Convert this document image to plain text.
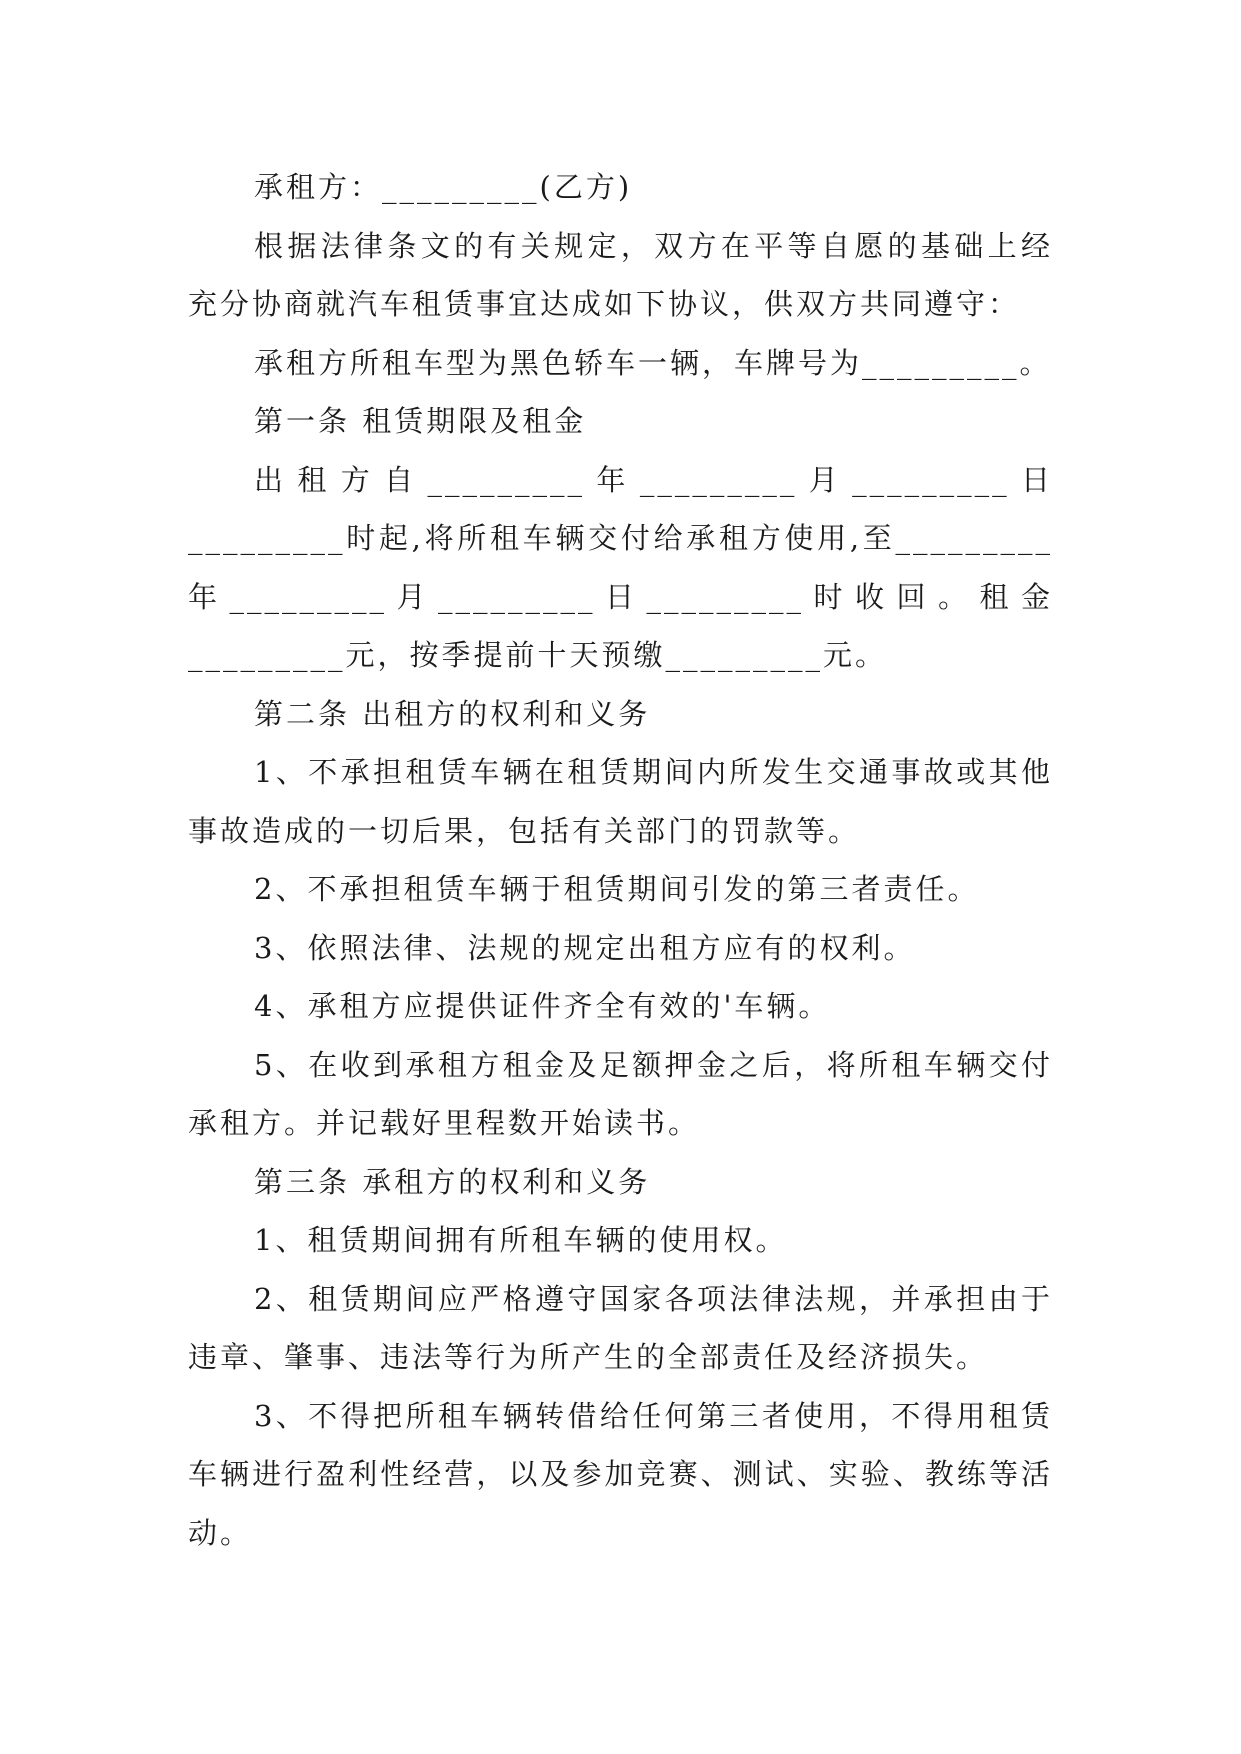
承租方：_________(乙方)

根据法律条文的有关规定，双方在平等自愿的基础上经充分协商就汽车租赁事宜达成如下协议，供双方共同遵守：

承租方所租车型为黑色轿车一辆，车牌号为_________。

第一条 租赁期限及租金

出租方自_________年_________月_________日_________时起,将所租车辆交付给承租方使用,至_________年_________月_________日_________时收回。租金_________元，按季提前十天预缴_________元。

第二条 出租方的权利和义务

1、不承担租赁车辆在租赁期间内所发生交通事故或其他事故造成的一切后果，包括有关部门的罚款等。

2、不承担租赁车辆于租赁期间引发的第三者责任。

3、依照法律、法规的规定出租方应有的权利。

4、承租方应提供证件齐全有效的'车辆。

5、在收到承租方租金及足额押金之后，将所租车辆交付承租方。并记载好里程数开始读书。

第三条 承租方的权利和义务

1、租赁期间拥有所租车辆的使用权。

2、租赁期间应严格遵守国家各项法律法规，并承担由于违章、肇事、违法等行为所产生的全部责任及经济损失。

3、不得把所租车辆转借给任何第三者使用，不得用租赁车辆进行盈利性经营，以及参加竞赛、测试、实验、教练等活动。
